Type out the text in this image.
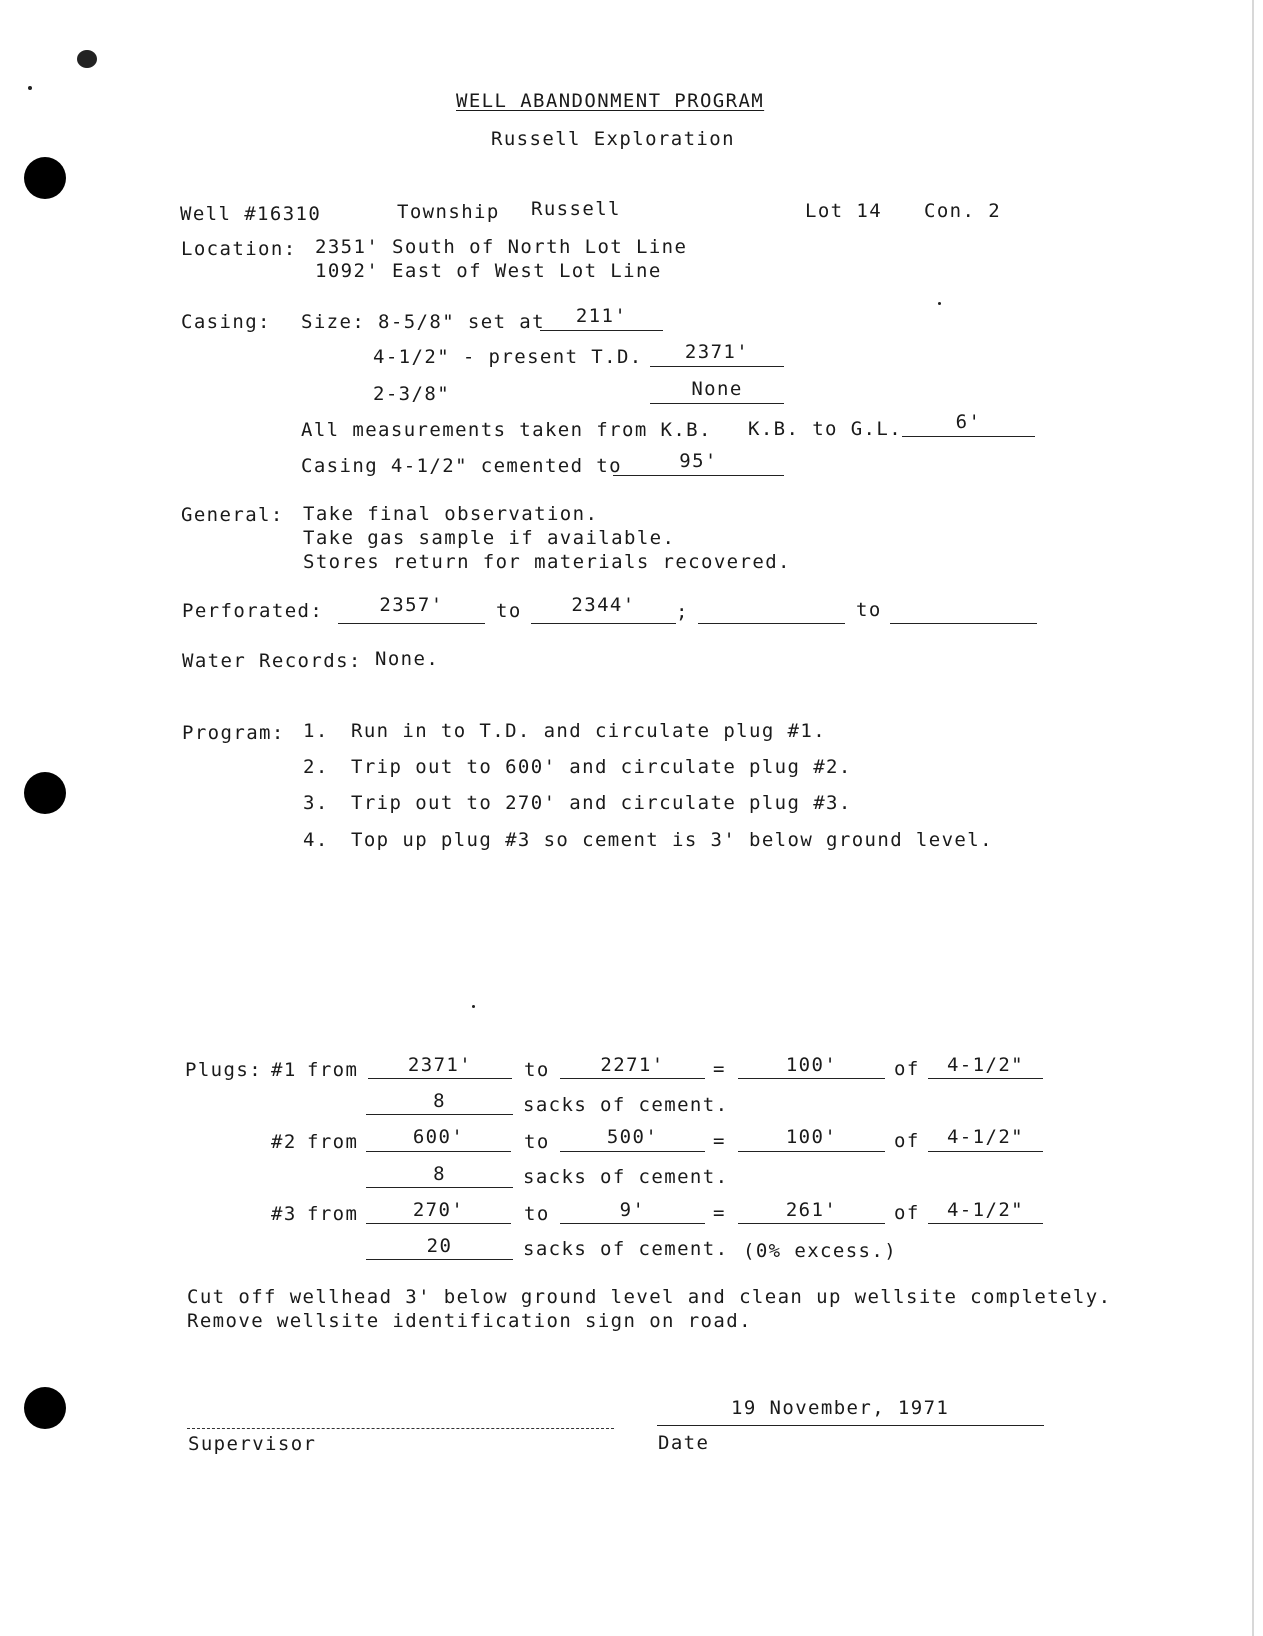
WELL ABANDONMENT PROGRAM
Russell Exploration
Well #16310	Township Russell	Lot 14 Con. 2
Location: 2351' South of North Lot Line
1092' East of West Lot Line
Casing: Size: 8-5/8" set at	211'
4-1/2" - present T.D.	2371'
2-3/8"	None
All measurements taken from K.B. K.B. to G.L.	6'
Casing 4-1/2" cemented to	95'
General: Take final observation.
Take gas sample if available.
Stores return for materials recovered.
Perforated:	2357'	to	2344'	;	to
Water Records: None.
Program: 1. Run in to T.D. and circulate plug #1.
2. Trip out to 600' and circulate plug #2.
3. Trip out to 270' and circulate plug #3.
4. Top up plug #3 so cement is 3' below ground level.
Plugs: #1 from	2371'	to	2271'	=	100'	of	4-1/2"
8	sacks of cement.
#2 from	600'	to	500'	=	100'	of	4-1/2"
8	sacks of cement.
#3 from	270'	to	9'	=	261'	of	4-1/2"
20	sacks of cement. (0% excess.)
Cut off wellhead 3' below ground level and clean up wellsite completely.
Remove wellsite identification sign on road.
Supervisor
19 November, 1971
Date
